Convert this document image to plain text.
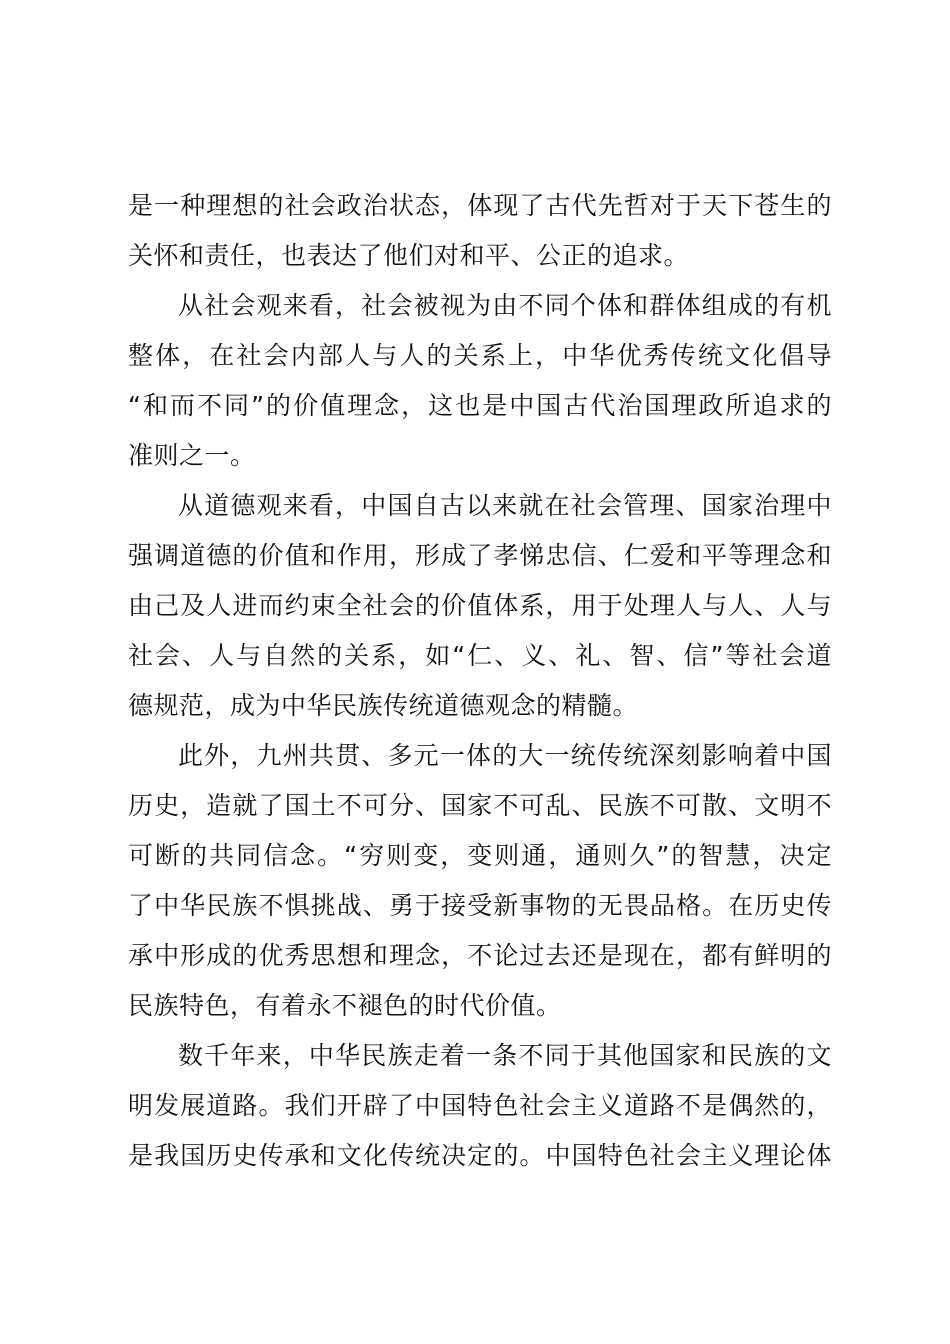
是一种理想的社会政治状态，体现了古代先哲对于天下苍生的
关怀和责任，也表达了他们对和平、公正的追求。
从社会观来看，社会被视为由不同个体和群体组成的有机
整体，在社会内部人与人的关系上，中华优秀传统文化倡导
“和而不同”的价值理念，这也是中国古代治国理政所追求的
准则之一。
从道德观来看，中国自古以来就在社会管理、国家治理中
强调道德的价值和作用，形成了孝悌忠信、仁爱和平等理念和
由己及人进而约束全社会的价值体系，用于处理人与人、人与
社会、人与自然的关系，如“仁、义、礼、智、信”等社会道
德规范，成为中华民族传统道德观念的精髓。
此外，九州共贯、多元一体的大一统传统深刻影响着中国
历史，造就了国土不可分、国家不可乱、民族不可散、文明不
可断的共同信念。“穷则变，变则通，通则久”的智慧，决定
了中华民族不惧挑战、勇于接受新事物的无畏品格。在历史传
承中形成的优秀思想和理念，不论过去还是现在，都有鲜明的
民族特色，有着永不褪色的时代价值。
数千年来，中华民族走着一条不同于其他国家和民族的文
明发展道路。我们开辟了中国特色社会主义道路不是偶然的，
是我国历史传承和文化传统决定的。中国特色社会主义理论体
